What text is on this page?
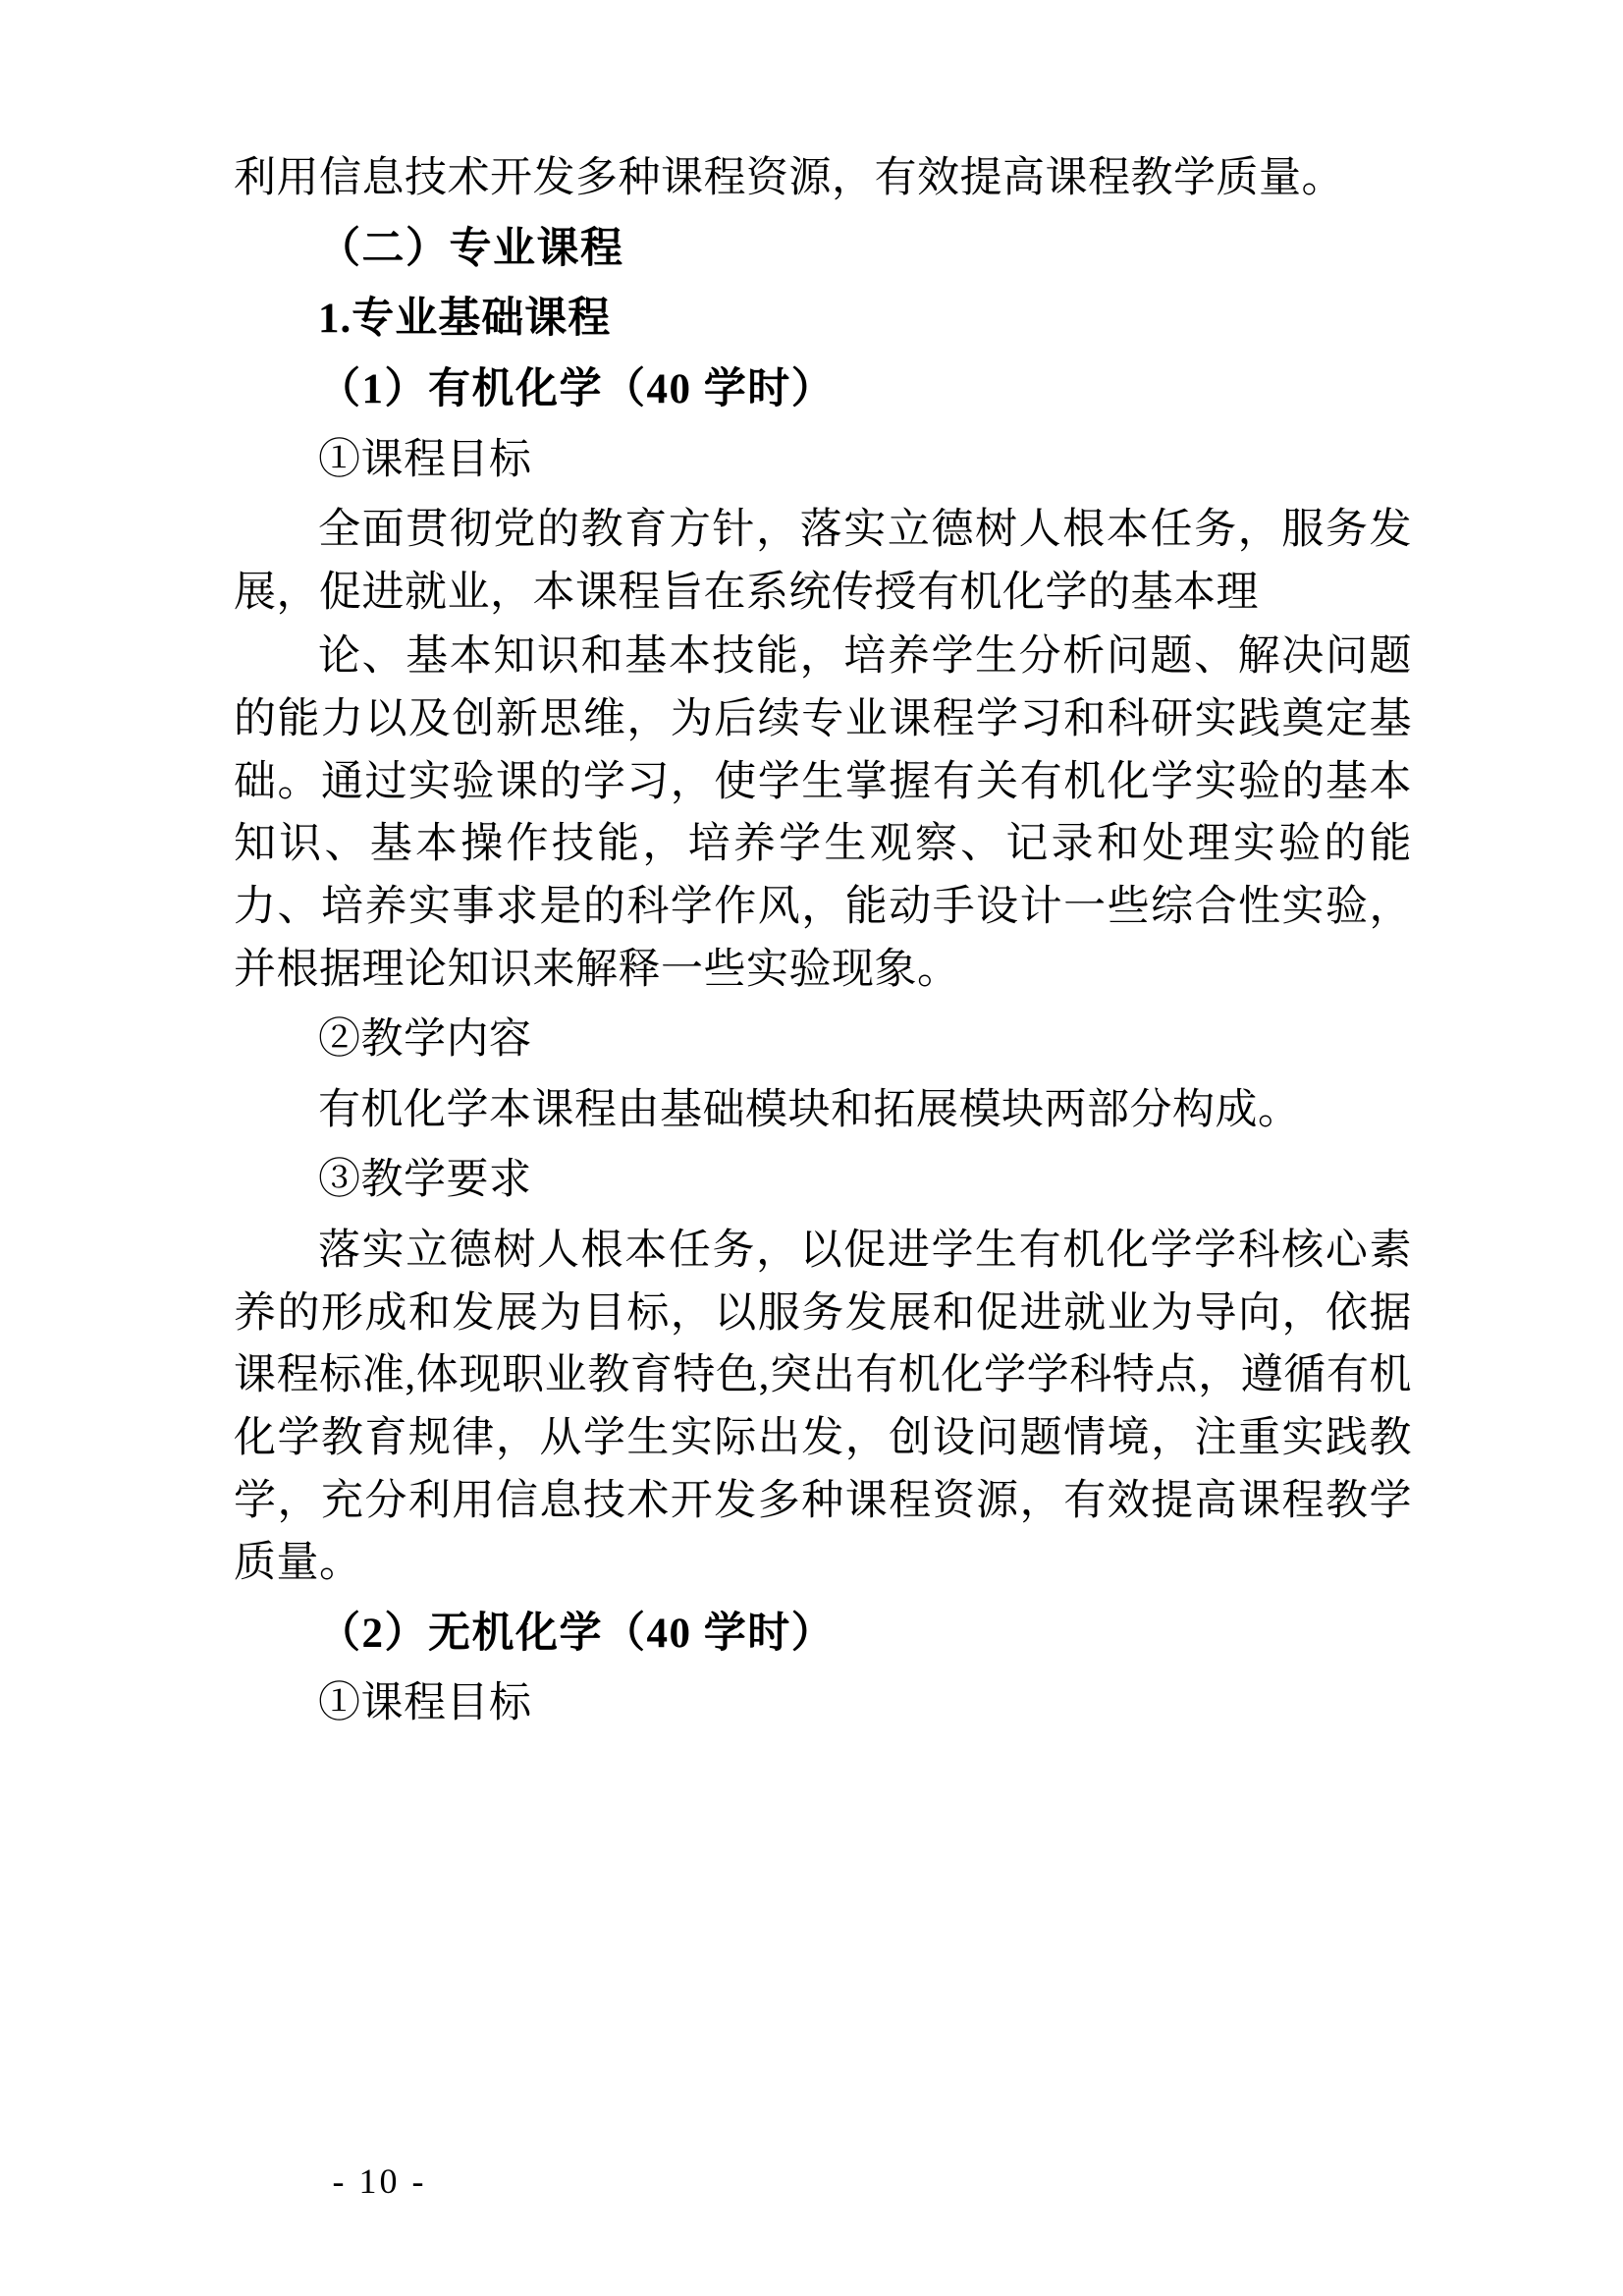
利用信息技术开发多种课程资源，有效提高课程教学质量。

（二）专业课程

1.专业基础课程

（1）有机化学（40 学时）

①课程目标

全面贯彻党的教育方针，落实立德树人根本任务，服务发展，促进就业，本课程旨在系统传授有机化学的基本理

论、基本知识和基本技能，培养学生分析问题、解决问题的能力以及创新思维，为后续专业课程学习和科研实践奠定基础。通过实验课的学习，使学生掌握有关有机化学实验的基本知识、基本操作技能，培养学生观察、记录和处理实验的能力、培养实事求是的科学作风，能动手设计一些综合性实验，并根据理论知识来解释一些实验现象。

②教学内容

有机化学本课程由基础模块和拓展模块两部分构成。

③教学要求

落实立德树人根本任务，以促进学生有机化学学科核心素养的形成和发展为目标，以服务发展和促进就业为导向，依据课程标准,体现职业教育特色,突出有机化学学科特点，遵循有机化学教育规律，从学生实际出发，创设问题情境，注重实践教学，充分利用信息技术开发多种课程资源，有效提高课程教学质量。

（2）无机化学（40 学时）

①课程目标

- 10 -
